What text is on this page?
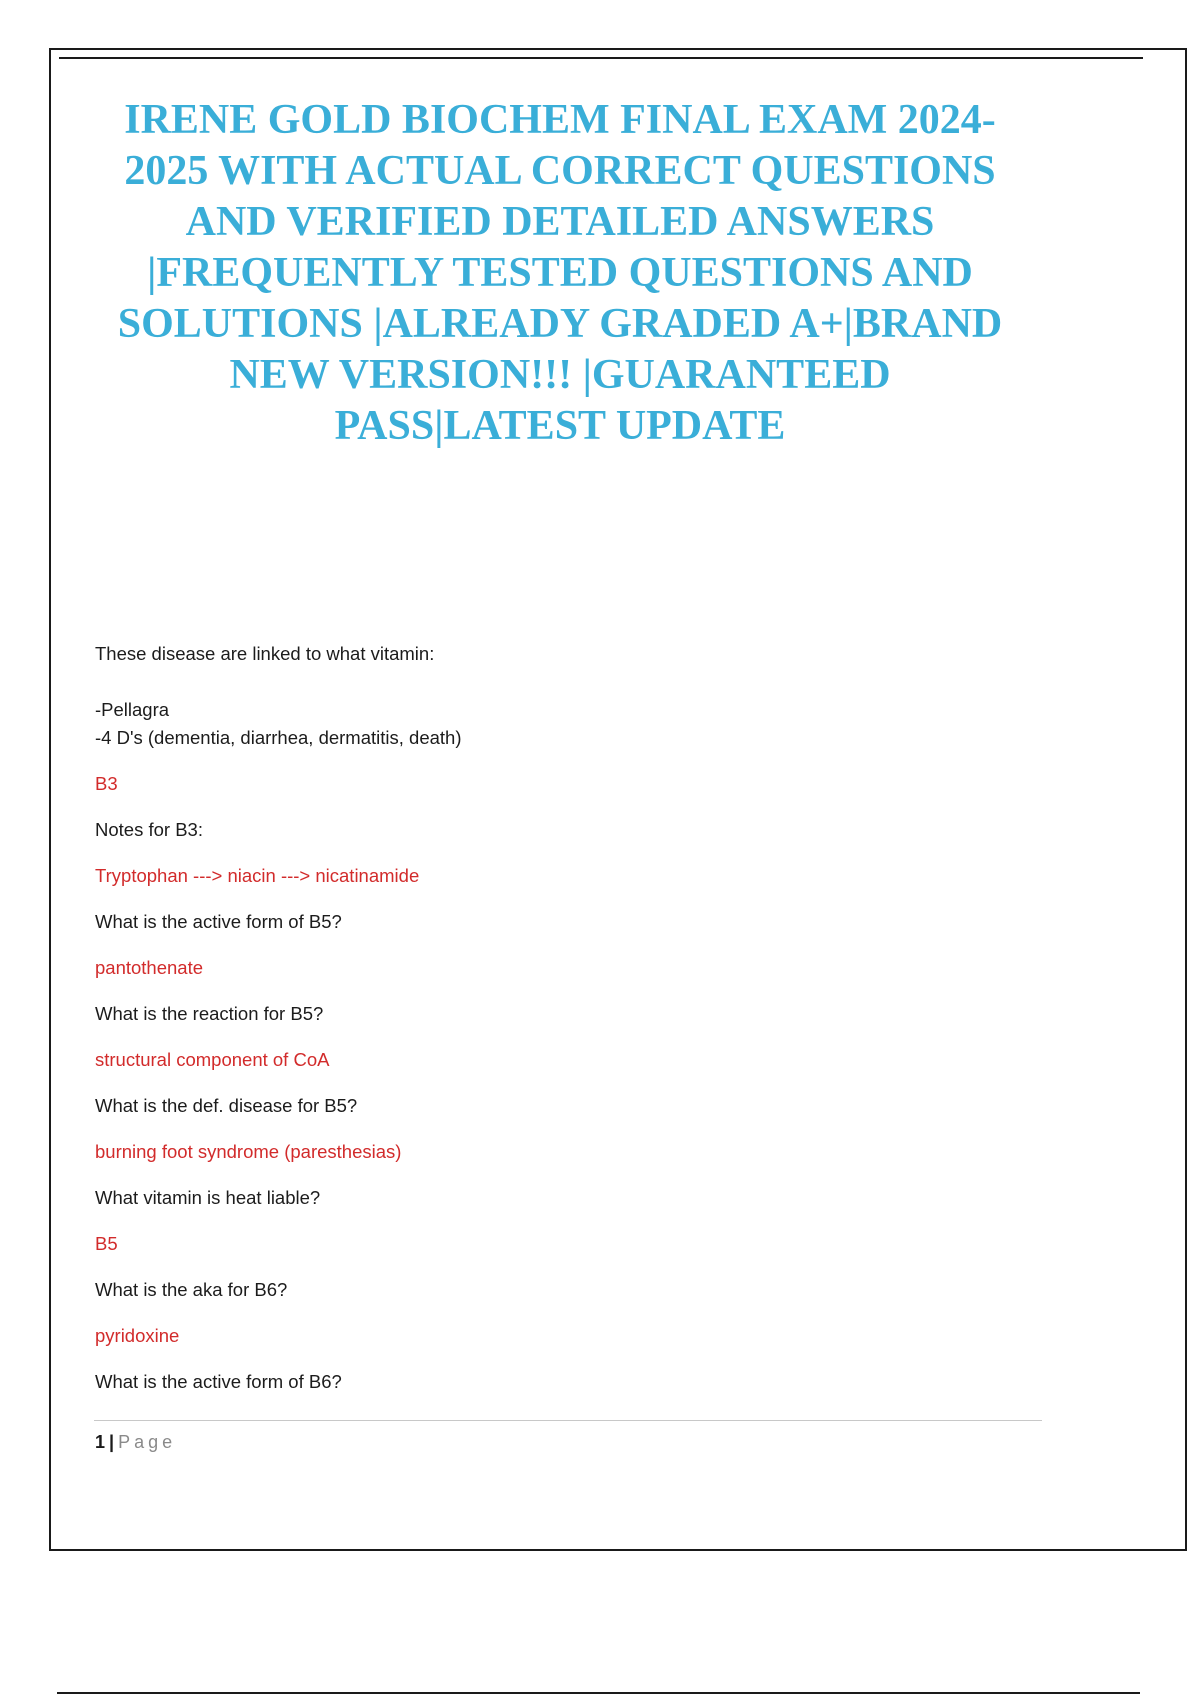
IRENE GOLD BIOCHEM FINAL EXAM 2024-2025 WITH ACTUAL CORRECT QUESTIONS AND VERIFIED DETAILED ANSWERS |FREQUENTLY TESTED QUESTIONS AND SOLUTIONS |ALREADY GRADED A+|BRAND NEW VERSION!!! |GUARANTEED PASS|LATEST UPDATE

These disease are linked to what vitamin:

-Pellagra

-4 D's (dementia, diarrhea, dermatitis, death)

B3

Notes for B3:

Tryptophan ---> niacin ---> nicatinamide

What is the active form of B5?

pantothenate

What is the reaction for B5?

structural component of CoA

What is the def. disease for B5?

burning foot syndrome (paresthesias)

What vitamin is heat liable?

B5

What is the aka for B6?

pyridoxine

What is the active form of B6?

1 | Page
